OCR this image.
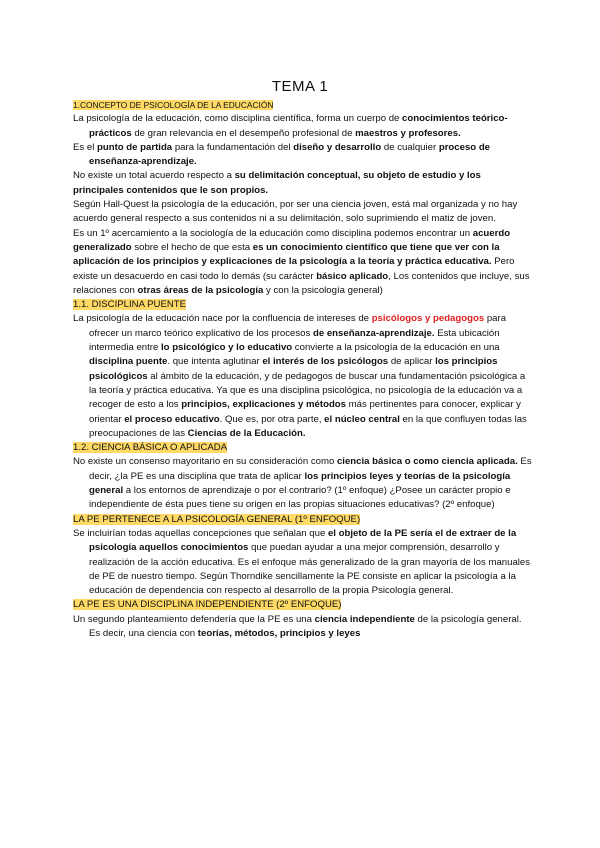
TEMA 1
1.CONCEPTO DE PSICOLOGÍA DE LA EDUCACIÓN

La psicología de la educación, como disciplina científica, forma un cuerpo de conocimientos teórico-prácticos de gran relevancia en el desempeño profesional de maestros y profesores.

Es el punto de partida para la fundamentación del diseño y desarrollo de cualquier proceso de enseñanza-aprendizaje.

No existe un total acuerdo respecto a su delimitación conceptual, su objeto de estudio y los principales contenidos que le son propios.

Según Hall-Quest la psicología de la educación, por ser una ciencia joven, está mal organizada y no hay acuerdo general respecto a sus contenidos ni a su delimitación, solo suprimiendo el matiz de joven.

Es un 1º acercamiento a la sociología de la educación como disciplina podemos encontrar un acuerdo generalizado sobre el hecho de que esta es un conocimiento científico que tiene que ver con la aplicación de los principios y explicaciones de la psicología a la teoría y práctica educativa. Pero existe un desacuerdo en casi todo lo demás (su carácter básico aplicado, Los contenidos que incluye, sus relaciones con otras áreas de la psicología y con la psicología general)

1.1. DISCIPLINA PUENTE

La psicología de la educación nace por la confluencia de intereses de psicólogos y pedagogos para ofrecer un marco teórico explicativo de los procesos de enseñanza-aprendizaje. Esta ubicación intermedia entre lo psicológico y lo educativo convierte a la psicología de la educación en una disciplina puente. que intenta aglutinar el interés de los psicólogos de aplicar los principios psicológicos al ámbito de la educación, y de pedagogos de buscar una fundamentación psicológica a la teoría y práctica educativa. Ya que es una disciplina psicológica, no psicología de la educación va a recoger de esto a los principios, explicaciones y métodos más pertinentes para conocer, explicar y orientar el proceso educativo. Que es, por otra parte, el núcleo central en la que confluyen todas las preocupaciones de las Ciencias de la Educación.

1.2. CIENCIA BÁSICA O APLICADA

No existe un consenso mayoritario en su consideración como ciencia básica o como ciencia aplicada. Es decir, ¿la PE es una disciplina que trata de aplicar los principios leyes y teorías de la psicología general a los entornos de aprendizaje o por el contrario? (1º enfoque) ¿Posee un carácter propio e independiente de ésta pues tiene su origen en las propias situaciones educativas? (2º enfoque)

LA PE PERTENECE A LA PSICOLOGÍA GENERAL (1º ENFOQUE)

Se incluirían todas aquellas concepciones que señalan que el objeto de la PE sería el de extraer de la psicología aquellos conocimientos que puedan ayudar a una mejor comprensión, desarrollo y realización de la acción educativa. Es el enfoque más generalizado de la gran mayoría de los manuales de PE de nuestro tiempo. Según Thorndike sencillamente la PE consiste en aplicar la psicología a la educación de dependencia con respecto al desarrollo de la propia Psicología general.

LA PE ES UNA DISCIPLINA INDEPENDIENTE (2º ENFOQUE)

Un segundo planteamiento defendería que la PE es una ciencia independiente de la psicología general. Es decir, una ciencia con teorías, métodos, principios y leyes
